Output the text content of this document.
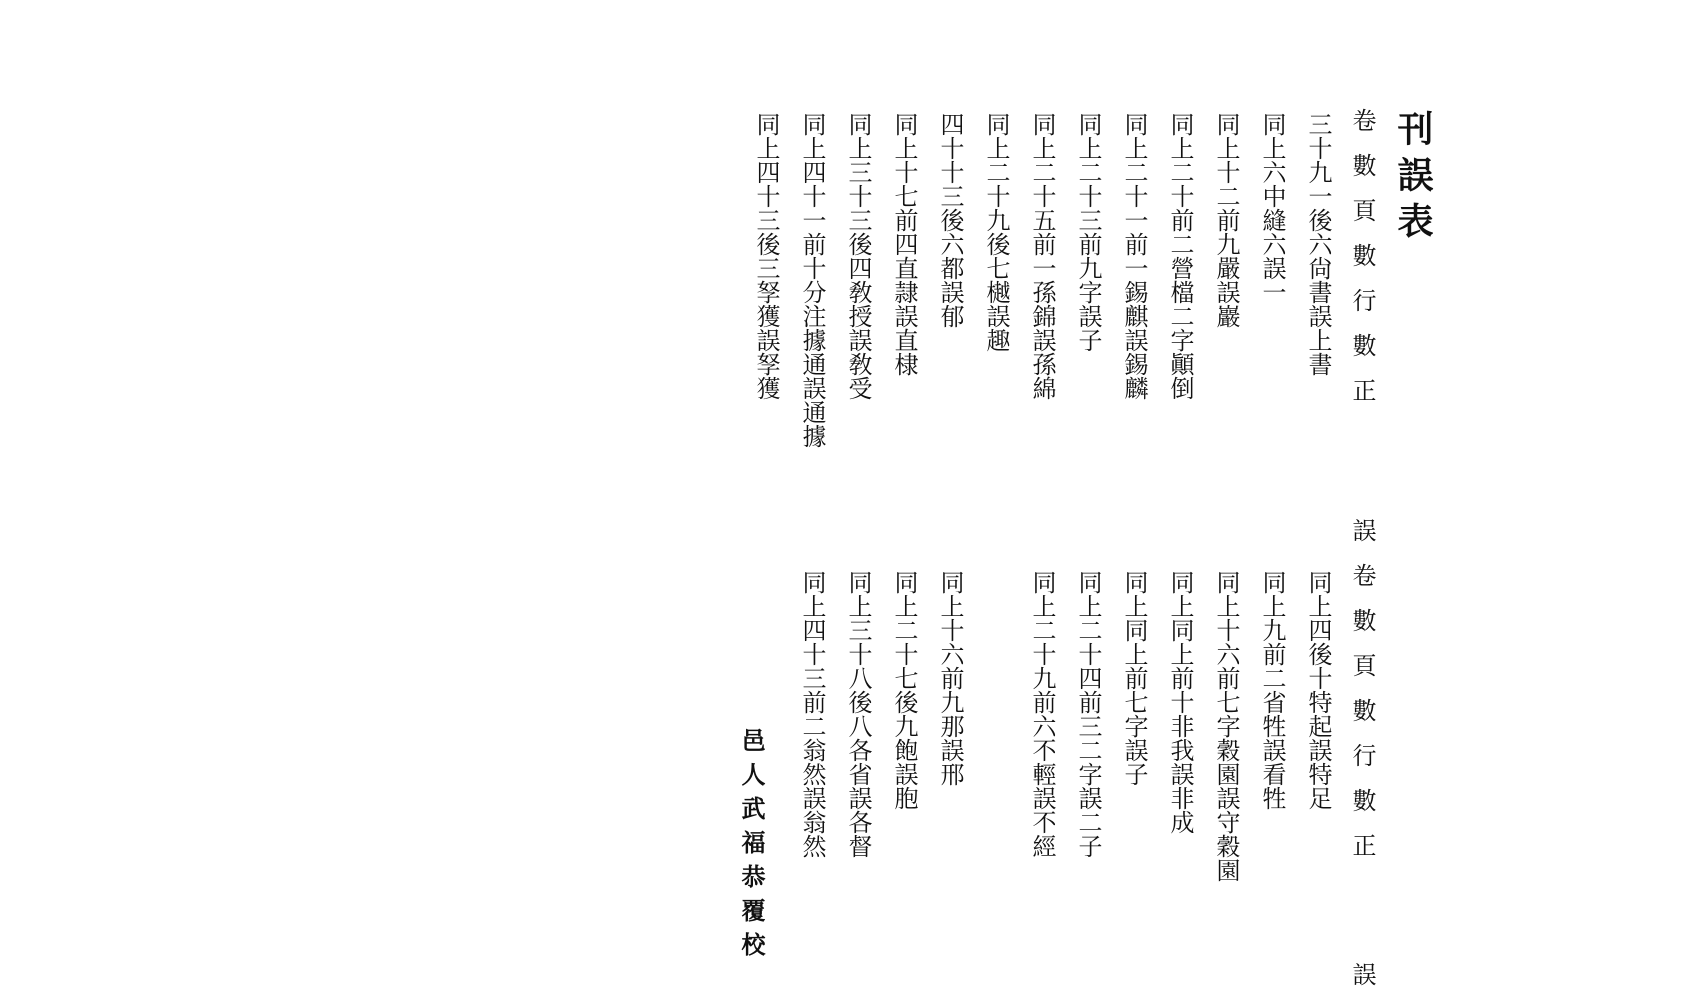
刊誤表
卷數頁數行數正
誤卷數頁數行數正
誤
三十九一後六尙書誤上書
同上六中縫六誤一
同上十二前九嚴誤巖
同上二十前二營檔二字顚倒
同上二十一前一錫麒誤錫麟
同上二十三前九字誤子
同上二十五前一孫錦誤孫綿
同上二十九後七樾誤趣
四十十三後六都誤郁
同上十七前四直隷誤直棣
同上三十三後四敎授誤敎受
同上四十一前十分注據通誤通據
同上四十三後三孥獲誤孥獲
同上四後十特起誤特足
同上九前二省牲誤看牲
同上十六前七字穀園誤守穀園
同上同上前十非我誤非成
同上同上前七字誤子
同上二十四前三二字誤二子
同上二十九前六不輕誤不經
同上十六前九那誤邢
同上二十七後九飽誤胞
同上三十八後八各省誤各督
同上四十三前二翁然誤翁然
邑人武福恭覆校
